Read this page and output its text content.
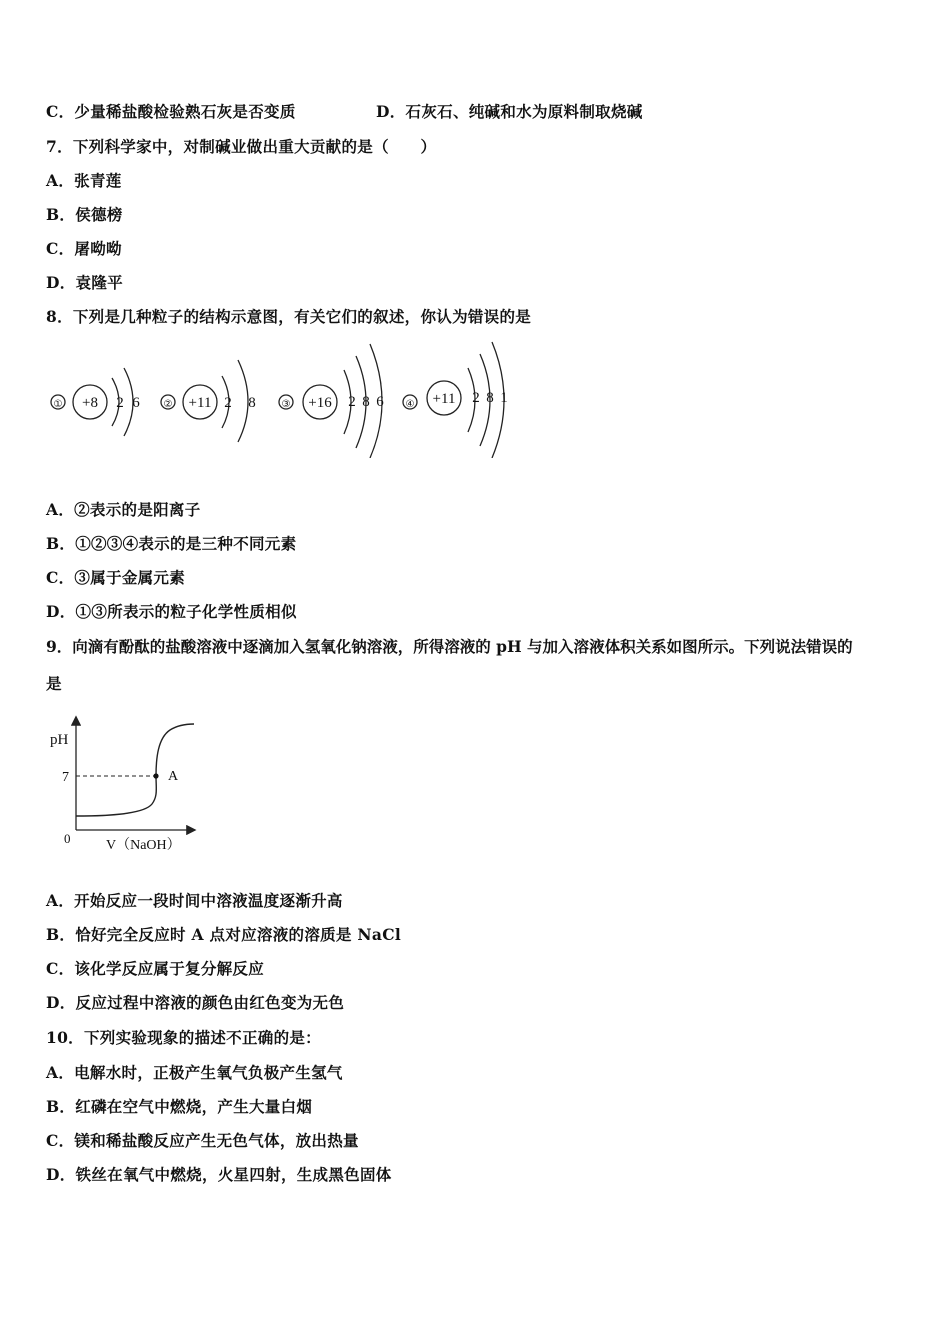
C．少量稀盐酸检验熟石灰是否变质	D．石灰石、纯碱和水为原料制取烧碱
7．下列科学家中，对制碱业做出重大贡献的是（　　）
A．张青莲
B．侯德榜
C．屠呦呦
D．袁隆平
8．下列是几种粒子的结构示意图，有关它们的叙述，你认为错误的是
① +8 2 6 ② +11 2 8	③ +16 2 8 6 ④ +11 2 8 1
A．②表示的是阳离子
B．①②③④表示的是三种不同元素
C．③属于金属元素
D．①③所表示的粒子化学性质相似
9．向滴有酚酞的盐酸溶液中逐滴加入氢氧化钠溶液，所得溶液的 pH 与加入溶液体积关系如图所示。下列说法错误的
是
pH
7
0	V（NaOH）
A
A．开始反应一段时间中溶液温度逐渐升高
B．恰好完全反应时 A 点对应溶液的溶质是 NaCl
C．该化学反应属于复分解反应
D．反应过程中溶液的颜色由红色变为无色
10．下列实验现象的描述不正确的是：
A．电解水时，正极产生氧气负极产生氢气
B．红磷在空气中燃烧，产生大量白烟
C．镁和稀盐酸反应产生无色气体，放出热量
D．铁丝在氧气中燃烧，火星四射，生成黑色固体
